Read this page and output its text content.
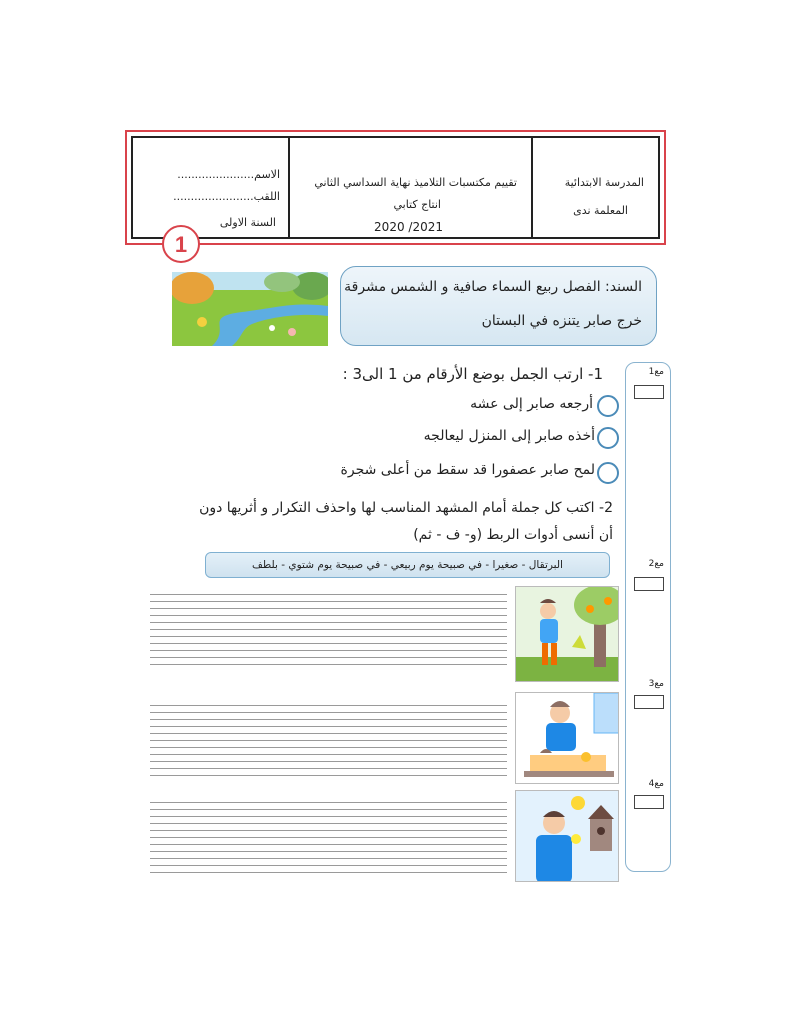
المدرسة الابتدائية
المعلمة ندى
تقييم مكتسبات التلاميذ نهاية السداسي الثاني
انتاج كتابي
2021/ 2020
الاسم......................
اللقب.......................
السنة الاولى
1
السند: الفصل ربيع السماء صافية و الشمس مشرقة
خرج صابر يتنزه في البستان
مع1
مع2
مع3
مع4
1- ارتب الجمل بوضع الأرقام من 1 الى3 :
أرجعه صابر إلى عشه
أخذه صابر إلى المنزل ليعالجه
لمح صابر عصفورا قد سقط من أعلى شجرة
2- اكتب كل جملة أمام المشهد المناسب لها واحذف التكرار و أثريها دون
أن أنسى أدوات الربط (و- ف - ثم)
البرتقال - صغيرا - في صبيحة يوم ربيعي - في صبيحة يوم شتوي - بلطف
